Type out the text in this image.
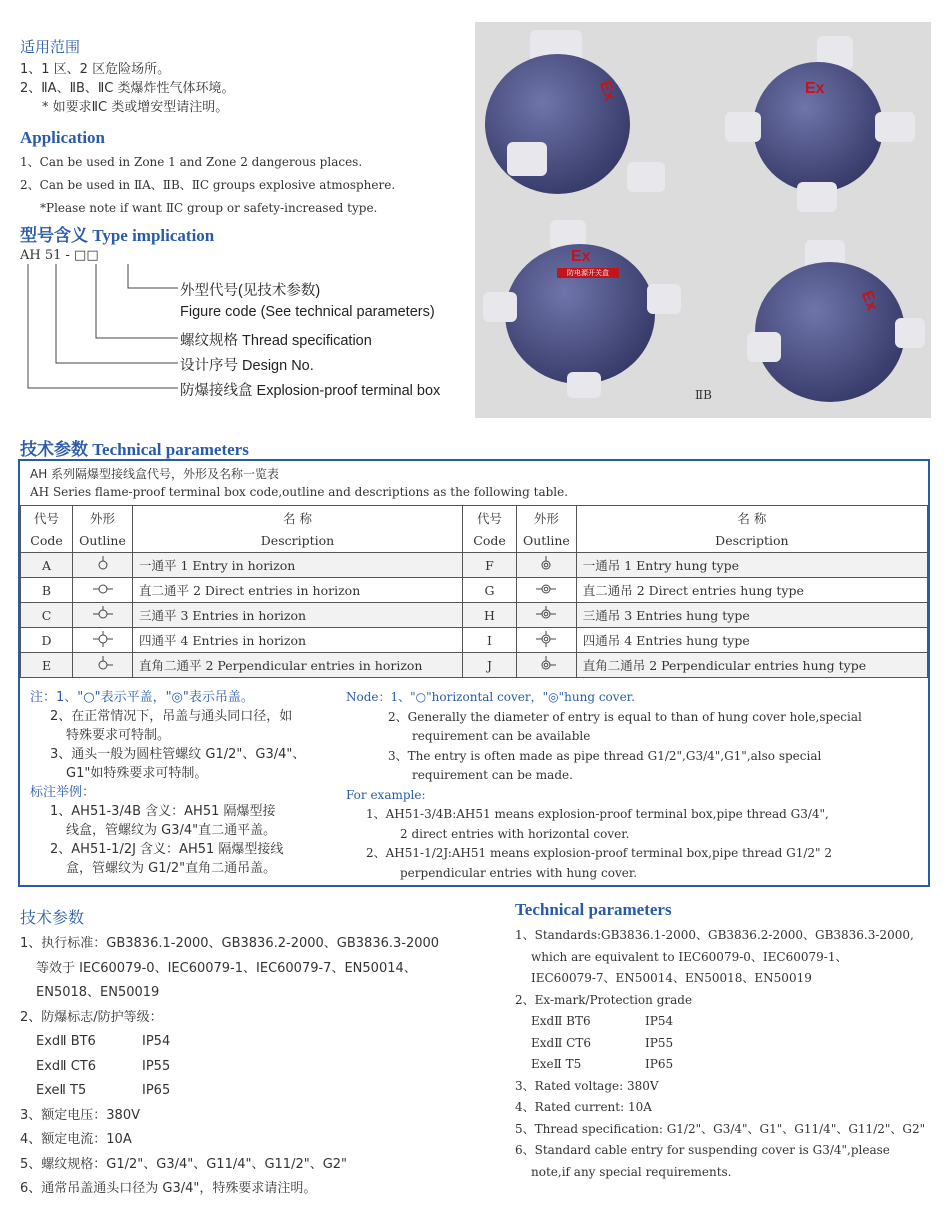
适用范围
1、1 区、2 区危险场所。
2、ⅡA、ⅡB、ⅡC 类爆炸性气体环境。
* 如要求ⅡC 类或增安型请注明。
Application
1、Can be used in Zone 1 and Zone 2 dangerous places.
2、Can be used in ⅡA、ⅡB、ⅡC groups explosive atmosphere.
*Please note if want ⅡC group or safety-increased type.
型号含义 Type implication
AH 51 - □□
外型代号(见技术参数)
Figure code (See technical parameters)
螺纹规格 Thread specification
设计序号 Design No.
防爆接线盒 Explosion-proof terminal box
Ex	Ex
Ex
防电源开关盒
Ex
ⅡB
技术参数 Technical parameters
AH 系列隔爆型接线盒代号，外形及名称一览表
AH Series flame-proof terminal box code,outline and descriptions as the following table.
代号	外形	名 称	代号	外形	名 称
Code	Outline	Description	Code	Outline	Description
A		一通平 1 Entry in horizon	F		一通吊 1 Entry hung type
B		直二通平 2 Direct entries in horizon	G		直二通吊 2 Direct entries hung type
C		三通平 3 Entries in horizon	H		三通吊 3 Entries hung type
D		四通平 4 Entries in horizon	I		四通吊 4 Entries hung type
E		直角二通平 2 Perpendicular entries in horizon	J		直角二通吊 2 Perpendicular entries hung type
注：1、"○"表示平盖，"◎"表示吊盖。
2、在正常情况下，吊盖与通头同口径，如
特殊要求可特制。
3、通头一般为圆柱管螺纹 G1/2"、G3/4"、
G1"如特殊要求可特制。
标注举例：
1、AH51-3/4B 含义：AH51 隔爆型接
线盒，管螺纹为 G3/4"直二通平盖。
2、AH51-1/2J 含义：AH51 隔爆型接线
盒，管螺纹为 G1/2"直角二通吊盖。
Node：1、"○"horizontal cover，"◎"hung cover.
2、Generally the diameter of entry is equal to than of hung cover hole,special
requirement can be available
3、The entry is often made as pipe thread G1/2",G3/4",G1",also special
requirement can be made.
For example:
1、AH51-3/4B:AH51 means explosion-proof terminal box,pipe thread G3/4",
2 direct entries with horizontal cover.
2、AH51-1/2J:AH51 means explosion-proof terminal box,pipe thread G1/2" 2
perpendicular entries with hung cover.
技术参数
1、执行标准：GB3836.1-2000、GB3836.2-2000、GB3836.3-2000
等效于 IEC60079-0、IEC60079-1、IEC60079-7、EN50014、
EN5018、EN50019
2、防爆标志/防护等级：
ExdⅡ BT6	IP54
ExdⅡ CT6	IP55
ExeⅡ T5	IP65
3、额定电压：380V
4、额定电流：10A
5、螺纹规格：G1/2"、G3/4"、G11/4"、G11/2"、G2"
6、通常吊盖通头口径为 G3/4"，特殊要求请注明。
Technical parameters
1、Standards:GB3836.1-2000、GB3836.2-2000、GB3836.3-2000,
which are equivalent to IEC60079-0、IEC60079-1、
IEC60079-7、EN50014、EN50018、EN50019
2、Ex-mark/Protection grade
ExdⅡ BT6	IP54
ExdⅡ CT6	IP55
ExeⅡ T5	IP65
3、Rated voltage: 380V
4、Rated current: 10A
5、Thread specification: G1/2"、G3/4"、G1"、G11/4"、G11/2"、G2"
6、Standard cable entry for suspending cover is G3/4",please
note,if any special requirements.
